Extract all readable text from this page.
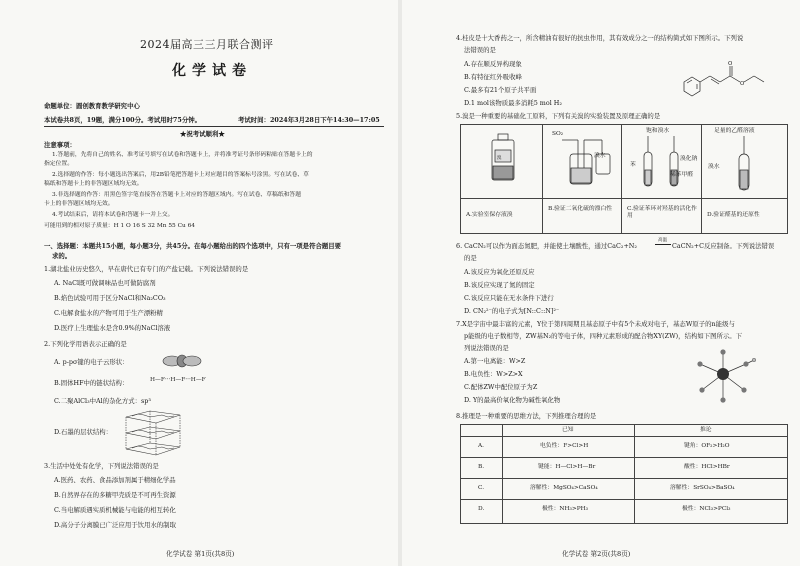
2024届高三三月联合测评
化学试卷
命题单位：圆创教育教学研究中心
本试卷共8页，19题，满分100分。考试用时75分钟。	考试时间：2024年3月28日下午14:30—17:05
★祝考试顺利★
注意事项：
1.答题前，先将自己的姓名、准考证号填写在试卷和答题卡上，并将准考证号条形码粘贴在答题卡上的
指定位置。
2.选择题的作答：每小题选出答案后，用2B铅笔把答题卡上对应题目的答案标号涂黑。写在试卷、草
稿纸和答题卡上的非答题区域均无效。
3.非选择题的作答：用黑色签字笔直接答在答题卡上对应的答题区域内。写在试卷、草稿纸和答题
卡上的非答题区域均无效。
4.考试结束后，请将本试卷和答题卡一并上交。
可能用到的相对原子质量：H 1 O 16 S 32 Mn 55 Cu 64
一、选择题：本题共15小题，每小题3分，共45分。在每小题给出的四个选项中，只有一项是符合题目要
求的。
1.湖北盐业历史悠久，早在唐代已有专门的产盐记载。下列说法错误的是
A. NaCl既可做调味品也可做防腐剂
B.焰色试验可用于区分NaCl和Na₂CO₃
C.电解食盐水的产物可用于生产漂粉精
D.医疗上生理盐水是含0.9%的NaCl溶液
2.下列化学用语表示正确的是
A. p-pσ键的电子云形状：
B.固体HF中的链状结构：	H—F···H—F···H—F
C.二聚AlCl₃中Al的杂化方式：sp³
D.石墨的层状结构：
3.生活中处处有化学，下列说法错误的是
A.医药、农药、食品添加剂属于精细化学品
B.自然界存在的多糖甲壳质是不可再生资源
C.当电解质遇实质机械能与电能的相互转化
D.高分子分离膜已广泛应用于饮用水的制取
化学试卷 第1页(共8页)
4.桂皮是十大香药之一，所含精油有很好的抗虫作用，其有效成分之一的结构简式如下图所示。下列说
法错误的是
A.存在顺反异构现象
B.有特征红外吸收峰
C.最多有21个原子共平面
D.1 mol该物质最多消耗5 mol H₂
O
O
5.溴是一种重要的基础化工原料，下列有关溴的实验装置及原理正确的是
溴
SO₂
溴水
饱和溴水
溴化钠
苯
稀苯甲醛
足量的乙醛溶液
溴水
A.实验室保存液溴
B.验证二氧化硫的漂白性	C.验证苯环对羟基的活化作用	D.验证醛基的还原性
6. CaCN₂可以作为面态氮肥，并能使土壤酸性，通过CaC₂+N₂
高温
CaCN₂+C反应制备。下列说法错误
的是
A.该反应为氧化还原反应
B.该反应实现了氮的固定
C.该反应只能在无水条件下进行
D. CN₂²⁻的电子式为[N::C::N]²⁻
7.X是宇宙中最丰富的元素，Y位于第四周期且基态原子中有5个未成对电子，基态W原子的n能级与
p能级的电子数相等，ZW基N₂的等电子体，四种元素形成的配合物XY(ZW)，结构如下图所示。下
列说法错误的是
A.第一电离能：W>Z
B.电负性：W>Z>X
C.配体ZW中配位原子为Z
D. Y的最高价氧化物为碱性氧化物
8.推理是一种重要的思维方法，下列推理合理的是
已知	推论
A.	电负性：F>Cl>H	键角：OF₂>H₂O
B.	键能：H—Cl>H—Br	酸性：HCl>HBr
C.	溶解性：MgSO₄>CaSO₄	溶解性：SrSO₄>BaSO₄
D.	极性：NH₃>PH₃	极性：NCl₃>PCl₃
化学试卷 第2页(共8页)
